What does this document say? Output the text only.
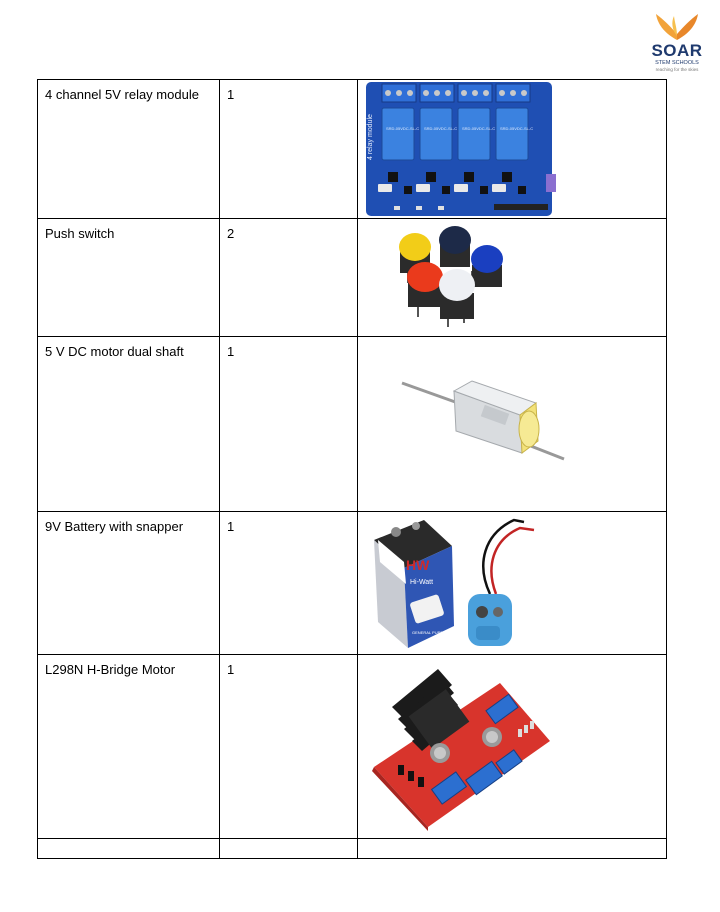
SOAR
STEM SCHOOLS
reaching for the skies
4 channel 5V relay module	1	SRD-05VDC-SL-C SRD-05VDC-SL-C SRD-05VDC-SL-C SRD-05VDC-SL-C
4 relay module

Push switch	2

5 V DC motor dual shaft	1

9V Battery with snapper	1	HW
Hi-Watt
GENERAL PURPOSE

L298N H-Bridge Motor	1
